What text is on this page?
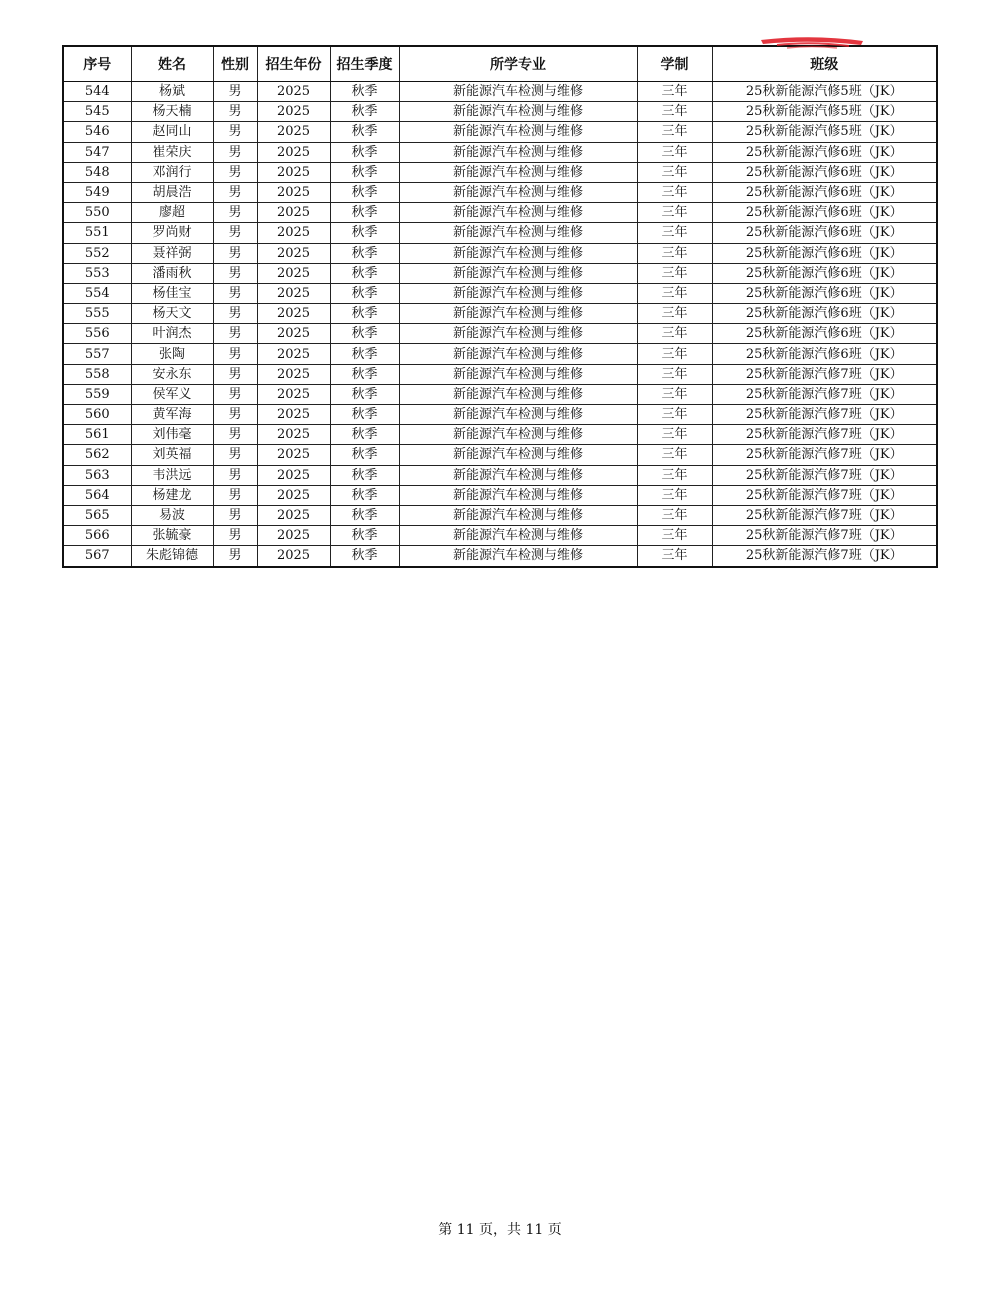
序号	姓名	性别	招生年份	招生季度	所学专业	学制	班级
544	杨斌	男	2025	秋季	新能源汽车检测与维修	三年	25秋新能源汽修5班（JK）
545	杨天楠	男	2025	秋季	新能源汽车检测与维修	三年	25秋新能源汽修5班（JK）
546	赵同山	男	2025	秋季	新能源汽车检测与维修	三年	25秋新能源汽修5班（JK）
547	崔荣庆	男	2025	秋季	新能源汽车检测与维修	三年	25秋新能源汽修6班（JK）
548	邓润行	男	2025	秋季	新能源汽车检测与维修	三年	25秋新能源汽修6班（JK）
549	胡晨浩	男	2025	秋季	新能源汽车检测与维修	三年	25秋新能源汽修6班（JK）
550	廖超	男	2025	秋季	新能源汽车检测与维修	三年	25秋新能源汽修6班（JK）
551	罗尚财	男	2025	秋季	新能源汽车检测与维修	三年	25秋新能源汽修6班（JK）
552	聂祥弼	男	2025	秋季	新能源汽车检测与维修	三年	25秋新能源汽修6班（JK）
553	潘雨秋	男	2025	秋季	新能源汽车检测与维修	三年	25秋新能源汽修6班（JK）
554	杨佳宝	男	2025	秋季	新能源汽车检测与维修	三年	25秋新能源汽修6班（JK）
555	杨天文	男	2025	秋季	新能源汽车检测与维修	三年	25秋新能源汽修6班（JK）
556	叶润杰	男	2025	秋季	新能源汽车检测与维修	三年	25秋新能源汽修6班（JK）
557	张陶	男	2025	秋季	新能源汽车检测与维修	三年	25秋新能源汽修6班（JK）
558	安永东	男	2025	秋季	新能源汽车检测与维修	三年	25秋新能源汽修7班（JK）
559	侯军义	男	2025	秋季	新能源汽车检测与维修	三年	25秋新能源汽修7班（JK）
560	黄军海	男	2025	秋季	新能源汽车检测与维修	三年	25秋新能源汽修7班（JK）
561	刘伟毫	男	2025	秋季	新能源汽车检测与维修	三年	25秋新能源汽修7班（JK）
562	刘英福	男	2025	秋季	新能源汽车检测与维修	三年	25秋新能源汽修7班（JK）
563	韦洪远	男	2025	秋季	新能源汽车检测与维修	三年	25秋新能源汽修7班（JK）
564	杨建龙	男	2025	秋季	新能源汽车检测与维修	三年	25秋新能源汽修7班（JK）
565	易波	男	2025	秋季	新能源汽车检测与维修	三年	25秋新能源汽修7班（JK）
566	张毓豪	男	2025	秋季	新能源汽车检测与维修	三年	25秋新能源汽修7班（JK）
567	朱彪锦德	男	2025	秋季	新能源汽车检测与维修	三年	25秋新能源汽修7班（JK）
第 11 页，共 11 页
